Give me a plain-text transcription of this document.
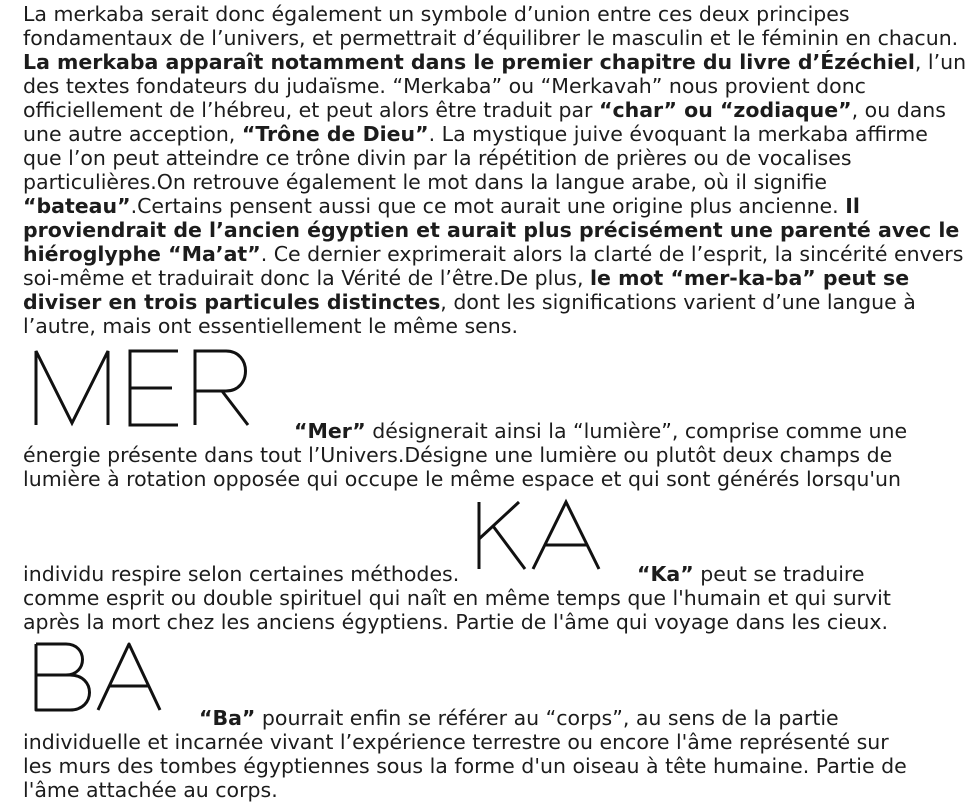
La merkaba serait donc également un symbole d’union entre ces deux principes fondamentaux de l’univers, et permettrait d’équilibrer le masculin et le féminin en chacun. La merkaba apparaît notamment dans le premier chapitre du livre d’Ézéchiel, l’un des textes fondateurs du judaïsme. “Merkaba” ou “Merkavah” nous provient donc officiellement de l’hébreu, et peut alors être traduit par “char” ou “zodiaque”, ou dans une autre acception, “Trône de Dieu”. La mystique juive évoquant la merkaba affirme que l’on peut atteindre ce trône divin par la répétition de prières ou de vocalises particulières.On retrouve également le mot dans la langue arabe, où il signifie “bateau”.Certains pensent aussi que ce mot aurait une origine plus ancienne. Il proviendrait de l’ancien égyptien et aurait plus précisément une parenté avec le hiéroglyphe “Ma’at”. Ce dernier exprimerait alors la clarté de l’esprit, la sincérité envers soi-même et traduirait donc la Vérité de l’être.De plus, le mot “mer-ka-ba” peut se diviser en trois particules distinctes, dont les significations varient d’une langue à l’autre, mais ont essentiellement le même sens.

“Mer” désignerait ainsi la “lumière”, comprise comme une

énergie présente dans tout l’Univers.Désigne une lumière ou plutôt deux champs de

lumière à rotation opposée qui occupe le même espace et qui sont générés lorsqu'un

individu respire selon certaines méthodes.	“Ka” peut se traduire

comme esprit ou double spirituel qui naît en même temps que l'humain et qui survit

après la mort chez les anciens égyptiens. Partie de l'âme qui voyage dans les cieux.

“Ba” pourrait enfin se référer au “corps”, au sens de la partie

individuelle et incarnée vivant l’expérience terrestre ou encore l'âme représenté sur

les murs des tombes égyptiennes sous la forme d'un oiseau à tête humaine. Partie de

l'âme attachée au corps.
